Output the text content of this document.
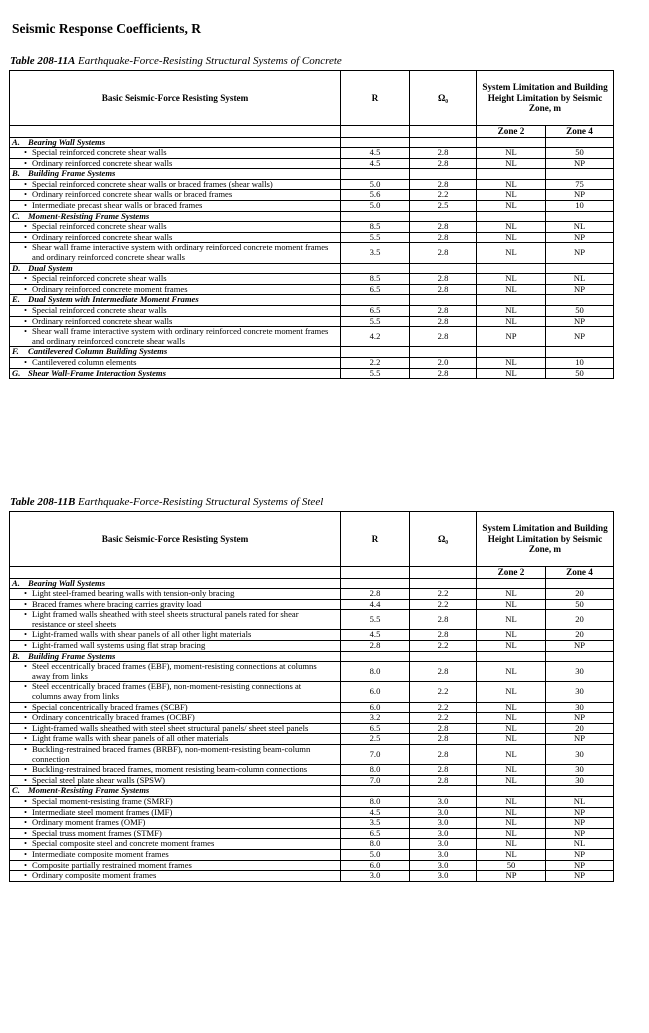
Seismic Response Coefficients, R
Table 208-11A Earthquake-Force-Resisting Structural Systems of Concrete
Basic Seismic-Force Resisting System	R	Ω₀	System Limitation and Building Height Limitation by Seismic Zone, m	
			Zone 2	Zone 4
A. Bearing Wall Systems				
• Special reinforced concrete shear walls	4.5	2.8	NL	50
• Ordinary reinforced concrete shear walls	4.5	2.8	NL	NP
B. Building Frame Systems				
• Special reinforced concrete shear walls or braced frames (shear walls)	5.0	2.8	NL	75
• Ordinary reinforced concrete shear walls or braced frames	5.6	2.2	NL	NP
• Intermediate precast shear walls or braced frames	5.0	2.5	NL	10
C. Moment-Resisting Frame Systems				
• Special reinforced concrete shear walls	8.5	2.8	NL	NL
• Ordinary reinforced concrete shear walls	5.5	2.8	NL	NP
• Shear wall frame interactive system with ordinary reinforced concrete moment frames and ordinary reinforced concrete shear walls	3.5	2.8	NL	NP
D. Dual System				
• Special reinforced concrete shear walls	8.5	2.8	NL	NL
• Ordinary reinforced concrete moment frames	6.5	2.8	NL	NP
E. Dual System with Intermediate Moment Frames				
• Special reinforced concrete shear walls	6.5	2.8	NL	50
• Ordinary reinforced concrete shear walls	5.5	2.8	NL	NP
• Shear wall frame interactive system with ordinary reinforced concrete moment frames and ordinary reinforced concrete shear walls	4.2	2.8	NP	NP
F. Cantilevered Column Building Systems				
• Cantilevered column elements	2.2	2.0	NL	10
G. Shear Wall-Frame Interaction Systems	5.5	2.8	NL	50
Table 208-11B Earthquake-Force-Resisting Structural Systems of Steel
Basic Seismic-Force Resisting System	R	Ω₀	System Limitation and Building Height Limitation by Seismic Zone, m	
			Zone 2	Zone 4
A. Bearing Wall Systems				
• Light steel-framed bearing walls with tension-only bracing	2.8	2.2	NL	20
• Braced frames where bracing carries gravity load	4.4	2.2	NL	50
• Light framed walls sheathed with steel sheets structural panels rated for shear resistance or steel sheets	5.5	2.8	NL	20
• Light-framed walls with shear panels of all other light materials	4.5	2.8	NL	20
• Light-framed wall systems using flat strap bracing	2.8	2.2	NL	NP
B. Building Frame Systems				
• Steel eccentrically braced frames (EBF), moment-resisting connections at columns away from links	8.0	2.8	NL	30
• Steel eccentrically braced frames (EBF), non-moment-resisting connections at columns away from links	6.0	2.2	NL	30
• Special concentrically braced frames (SCBF)	6.0	2.2	NL	30
• Ordinary concentrically braced frames (OCBF)	3.2	2.2	NL	NP
• Light-framed walls sheathed with steel sheet structural panels/ sheet steel panels	6.5	2.8	NL	20
• Light frame walls with shear panels of all other materials	2.5	2.8	NL	NP
• Buckling-restrained braced frames (BRBF), non-moment-resisting beam-column connection	7.0	2.8	NL	30
• Buckling-restrained braced frames, moment resisting beam-column connections	8.0	2.8	NL	30
• Special steel plate shear walls (SPSW)	7.0	2.8	NL	30
C. Moment-Resisting Frame Systems				
• Special moment-resisting frame (SMRF)	8.0	3.0	NL	NL
• Intermediate steel moment frames (IMF)	4.5	3.0	NL	NP
• Ordinary moment frames (OMF)	3.5	3.0	NL	NP
• Special truss moment frames (STMF)	6.5	3.0	NL	NP
• Special composite steel and concrete moment frames	8.0	3.0	NL	NL
• Intermediate composite moment frames	5.0	3.0	NL	NP
• Composite partially restrained moment frames	6.0	3.0	50	NP
• Ordinary composite moment frames	3.0	3.0	NP	NP
